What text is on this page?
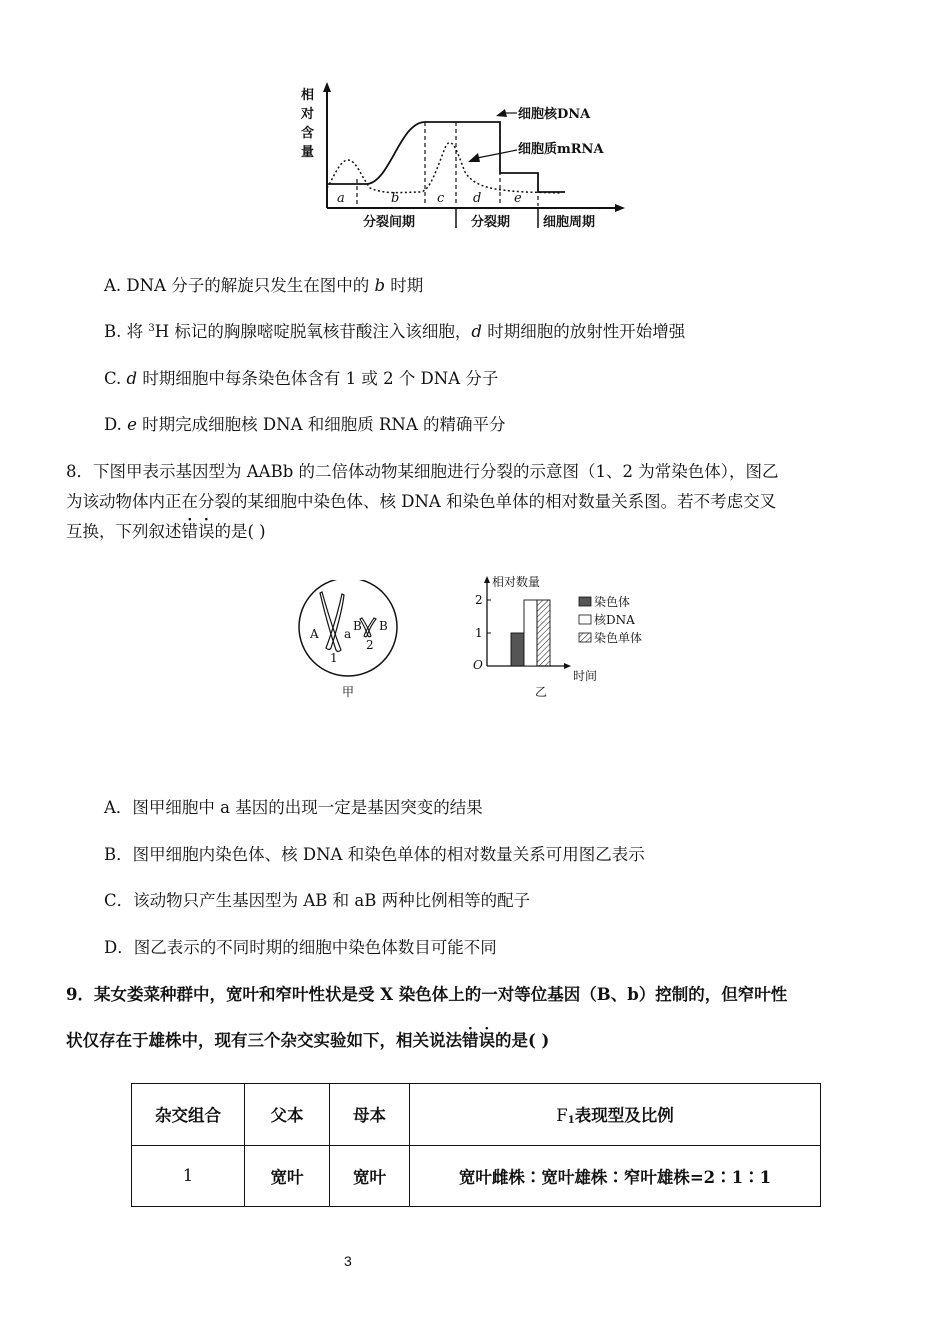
相
对
含
量
细胞核DNA
细胞质mRNA
a	b	c d	e
分裂间期	分裂期	细胞周期
A. DNA 分子的解旋只发生在图中的 b 时期
B. 将 $^3$H 标记的胸腺嘧啶脱氧核苷酸注入该细胞，d 时期细胞的放射性开始增强
C. d 时期细胞中每条染色体含有 1 或 2 个 DNA 分子
D. e 时期完成细胞核 DNA 和细胞质 RNA 的精确平分
8．下图甲表示基因型为 AABb 的二倍体动物某细胞进行分裂的示意图（1、2 为常染色体），图乙
为该动物体内正在分裂的某细胞中染色体、核 DNA 和染色单体的相对数量关系图。若不考虑交叉
互换，下列叙述错误的是( )
A a
B B
1
2
甲
相对数量
O
时间
乙
1
2	染色体
核DNA
染色单体
A．图甲细胞中 a 基因的出现一定是基因突变的结果
B．图甲细胞内染色体、核 DNA 和染色单体的相对数量关系可用图乙表示
C．该动物只产生基因型为 AB 和 aB 两种比例相等的配子
D．图乙表示的不同时期的细胞中染色体数目可能不同
9．某女娄菜种群中，宽叶和窄叶性状是受 X 染色体上的一对等位基因（B、b）控制的，但窄叶性
状仅存在于雄株中，现有三个杂交实验如下，相关说法错误的是( )
杂交组合	父本	母本	$F_1$表现型及比例
1	宽叶	宽叶	宽叶雌株∶宽叶雄株∶窄叶雄株=2∶1∶1
3
